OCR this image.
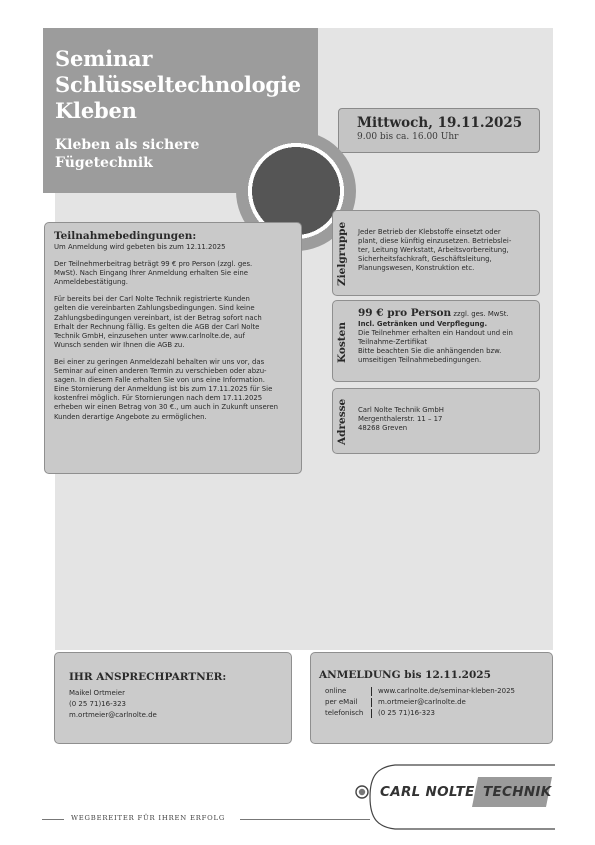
Seminar
Schlüsseltechnologie
Kleben
Kleben als sichere
Fügetechnik
Mittwoch, 19.11.2025
9.00 bis ca. 16.00 Uhr
Teilnahmebedingungen:

Um Anmeldung wird gebeten bis zum 12.11.2025

Der Teilnehmerbeitrag beträgt 99 € pro Person (zzgl. ges.

MwSt). Nach Eingang Ihrer Anmeldung erhalten Sie eine

Anmeldebestätigung.

Für bereits bei der Carl Nolte Technik registrierte Kunden

gelten die vereinbarten Zahlungsbedingungen. Sind keine

Zahlungsbedingungen vereinbart, ist der Betrag sofort nach

Erhalt der Rechnung fällig. Es gelten die AGB der Carl Nolte

Technik GmbH, einzusehen unter www.carlnolte.de, auf

Wunsch senden wir Ihnen die AGB zu.

Bei einer zu geringen Anmeldezahl behalten wir uns vor, das

Seminar auf einen anderen Termin zu verschieben oder abzu-

sagen. In diesem Falle erhalten Sie von uns eine Information.

Eine Stornierung der Anmeldung ist bis zum 17.11.2025 für Sie

kostenfrei möglich. Für Stornierungen nach dem 17.11.2025

erheben wir einen Betrag von 30 €., um auch in Zukunft unseren

Kunden derartige Angebote zu ermöglichen.

Zielgruppe	Jeder Betrieb der Klebstoffe einsetzt oder

plant, diese künftig einzusetzen. Betriebslei-

ter, Leitung Werkstatt, Arbeitsvorbereitung,

Sicherheitsfachkraft, Geschäftsleitung,

Planungswesen, Konstruktion etc.

Kosten

99 € pro Person zzgl. ges. MwSt.

Incl. Getränken und Verpflegung.

Die Teilnehmer erhalten ein Handout und ein

Teilnahme-Zertifikat

Bitte beachten Sie die anhängenden bzw.

umseitigen Teilnahmebedingungen.

Adresse	Carl Nolte Technik GmbH

Mergenthalerstr. 11 – 17

48268 Greven

IHR ANSPRECHPARTNER:
Maikel Ortmeier
(0 25 71)16-323
m.ortmeier@carlnolte.de
ANMELDUNG bis 12.11.2025
online	www.carlnolte.de/seminar-kleben-2025
per eMail	m.ortmeier@carlnolte.de
telefonisch	(0 25 71)16-323
CARL NOLTE TECHNIK
WEGBEREITER FÜR IHREN ERFOLG
